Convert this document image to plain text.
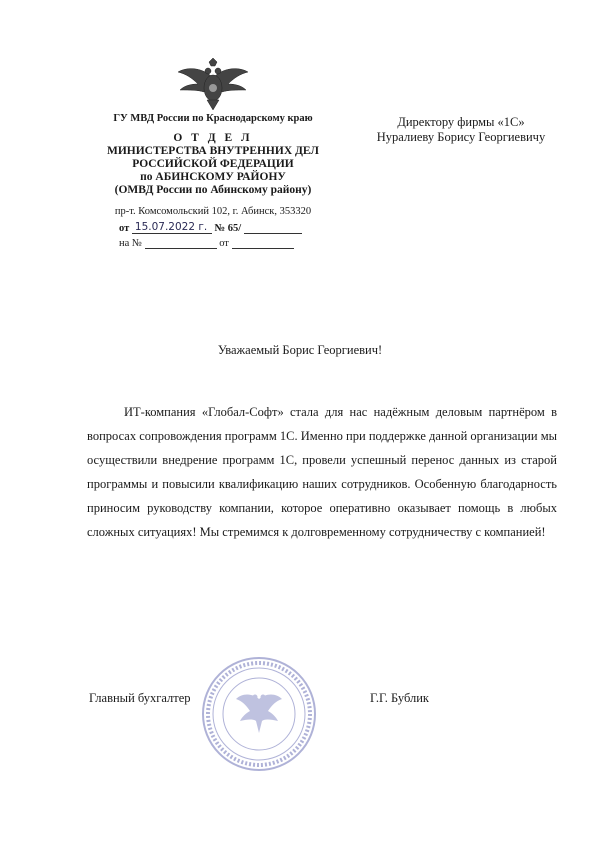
ГУ МВД России по Краснодарскому краю
О Т Д Е Л
МИНИСТЕРСТВА ВНУТРЕННИХ ДЕЛ
РОССИЙСКОЙ ФЕДЕРАЦИИ
по АБИНСКОМУ РАЙОНУ
(ОМВД России по Абинскому району)
пр-т. Комсомольский 102, г. Абинск, 353320
от 15.07.2022 г. № 65/
на №	от
Директору фирмы «1С»
Нуралиеву Борису Георгиевичу
Уважаемый Борис Георгиевич!
ИТ-компания «Глобал-Софт» стала для нас надёжным деловым партнёром в вопросах сопровождения программ 1С. Именно при поддержке данной организации мы осуществили внедрение программ 1С, провели успешный перенос данных из старой программы и повысили квалификацию наших сотрудников. Особенную благодарность приносим руководству компании, которое оперативно оказывает помощь в любых сложных ситуациях! Мы стремимся к долговременному сотрудничеству с компанией!
Главный бухгалтер	Г.Г. Бублик
